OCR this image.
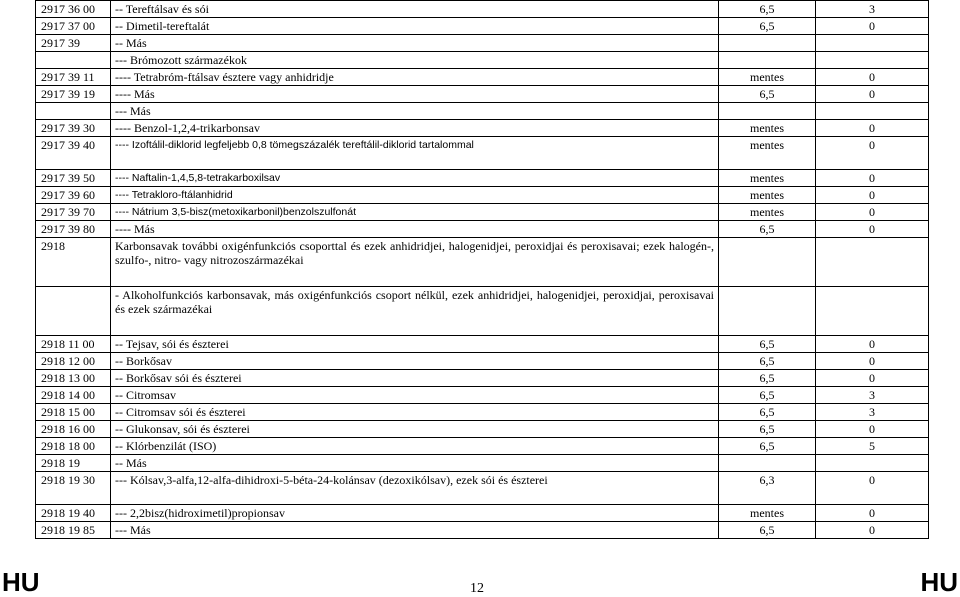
2917 36 00	-- Tereftálsav és sói	6,5	3
2917 37 00	-- Dimetil-tereftalát	6,5	0
2917 39	-- Más		
	--- Brómozott származékok		
2917 39 11	---- Tetrabróm-ftálsav észtere vagy anhidridje	mentes	0
2917 39 19	---- Más	6,5	0
	--- Más		
2917 39 30	---- Benzol-1,2,4-trikarbonsav	mentes	0
2917 39 40	---- Izoftálil-diklorid legfeljebb 0,8 tömegszázalék tereftálil-diklorid tartalommal	mentes	0
2917 39 50	---- Naftalin-1,4,5,8-tetrakarboxilsav	mentes	0
2917 39 60	---- Tetrakloro-ftálanhidrid	mentes	0
2917 39 70	---- Nátrium 3,5-bisz(metoxikarbonil)benzolszulfonát	mentes	0
2917 39 80	---- Más	6,5	0
2918	Karbonsavak további oxigénfunkciós csoporttal és ezek anhidridjei, halogenidjei, peroxidjai és peroxisavai; ezek halogén-, szulfo-, nitro- vagy nitrozoszármazékai		
	- Alkoholfunkciós karbonsavak, más oxigénfunkciós csoport nélkül, ezek anhidridjei, halogenidjei, peroxidjai, peroxisavai és ezek származékai		
2918 11 00	-- Tejsav, sói és észterei	6,5	0
2918 12 00	-- Borkősav	6,5	0
2918 13 00	-- Borkősav sói és észterei	6,5	0
2918 14 00	-- Citromsav	6,5	3
2918 15 00	-- Citromsav sói és észterei	6,5	3
2918 16 00	-- Glukonsav, sói és észterei	6,5	0
2918 18 00	-- Klórbenzilát (ISO)	6,5	5
2918 19	-- Más		
2918 19 30	--- Kólsav,3-alfa,12-alfa-dihidroxi-5-béta-24-kolánsav (dezoxikólsav), ezek sói és észterei	6,3	0
2918 19 40	--- 2,2bisz(hidroximetil)propionsav	mentes	0
2918 19 85	--- Más	6,5	0
HU	12	HU
